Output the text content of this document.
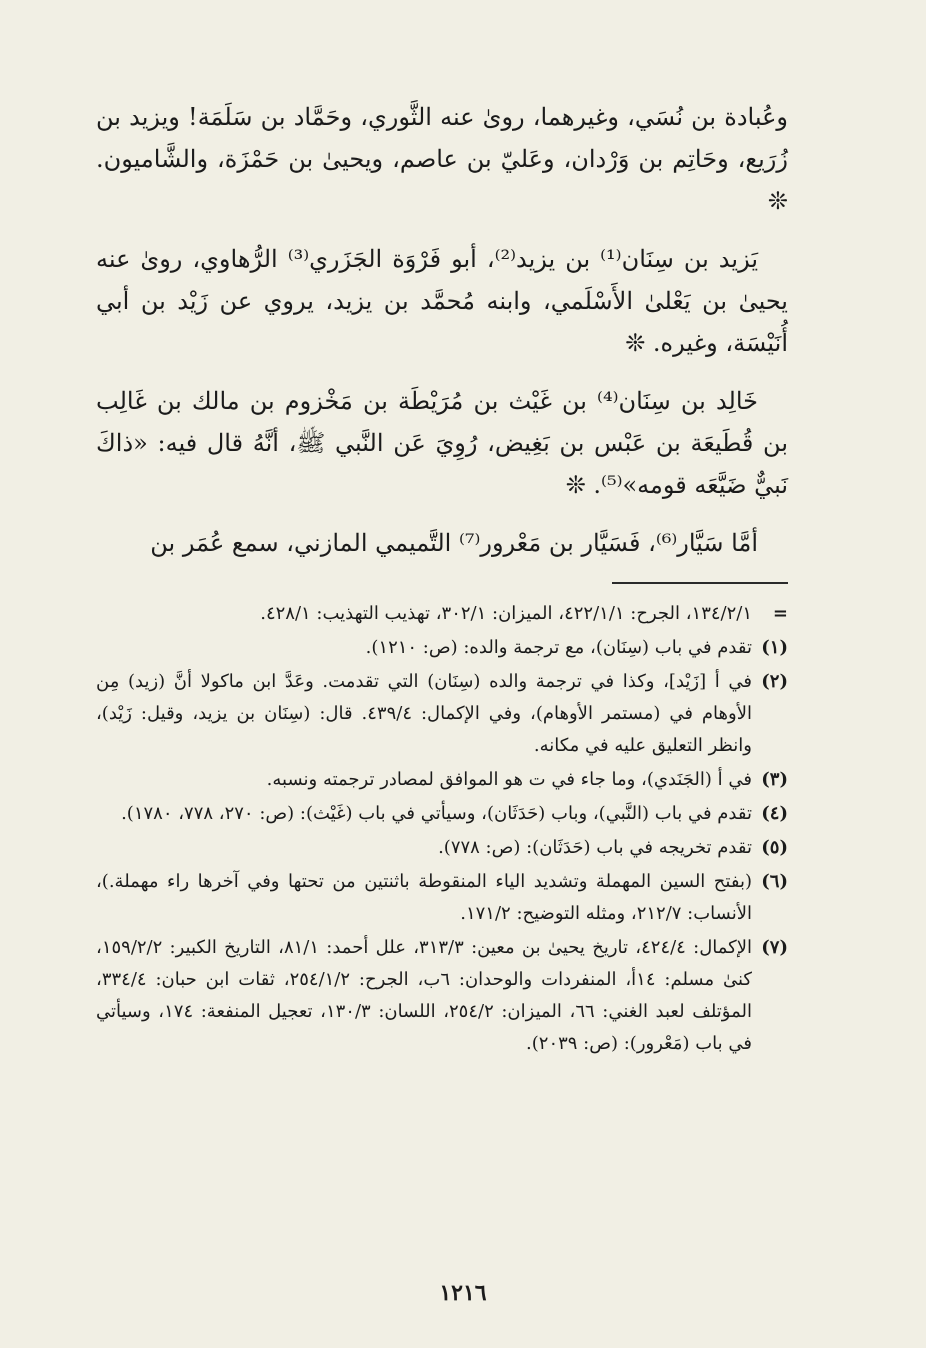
وعُبادة بن نُسَي، وغيرهما، روىٰ عنه الثَّوري، وحَمَّاد بن سَلَمَة! ويزيد بن زُرَيع، وحَاتِم بن وَرْدان، وعَليّ بن عاصم، ويحيىٰ بن حَمْزَة، والشَّاميون. ❊

يَزيد بن سِنَان⁽¹⁾ بن يزيد⁽²⁾، أبو فَرْوَة الجَزَري⁽³⁾ الرُّهاوي، روىٰ عنه يحيىٰ بن يَعْلىٰ الأَسْلَمي، وابنه مُحمَّد بن يزيد، يروي عن زَيْد بن أبي أُنَيْسَة، وغيره. ❊

خَالِد بن سِنَان⁽⁴⁾ بن غَيْث بن مُرَيْطَة بن مَخْزوم بن مالك بن غَالِب بن قُطَيعَة بن عَبْس بن بَغِيض، رُوِيَ عَن النَّبي ﷺ، أنَّهُ قال فيه: «ذاكَ نَبيٌّ ضَيَّعَه قومه»⁽⁵⁾. ❊

أمَّا سَيَّار⁽⁶⁾، فَسَيَّار بن مَعْرور⁽⁷⁾ التَّميمي المازني، سمع عُمَر بن

=
١٣٤/٢/١، الجرح: ٤٢٢/١/١، الميزان: ٣٠٢/١، تهذيب التهذيب: ٤٢٨/١.
(١)
تقدم في باب (سِنَان)، مع ترجمة والده: (ص: ١٢١٠).
(٢)
في أ [زَيْد]، وكذا في ترجمة والده (سِنَان) التي تقدمت. وعَدَّ ابن ماكولا أنَّ (زيد) مِن الأوهام في (مستمر الأوهام)، وفي الإكمال: ٤٣٩/٤. قال: (سِنَان بن يزيد، وقيل: زَيْد)، وانظر التعليق عليه في مكانه.
(٣)
في أ (الجَنَدي)، وما جاء في ت هو الموافق لمصادر ترجمته ونسبه.
(٤)
تقدم في باب (النَّبي)، وباب (حَدَثَان)، وسيأتي في باب (غَيْث): (ص: ٢٧٠، ٧٧٨، ١٧٨٠).
(٥)
تقدم تخريجه في باب (حَدَثَان): (ص: ٧٧٨).
(٦)
(بفتح السين المهملة وتشديد الياء المنقوطة باثنتين من تحتها وفي آخرها راء مهملة.)، الأنساب: ٢١٢/٧، ومثله التوضيح: ١٧١/٢.
(٧)
الإكمال: ٤٢٤/٤، تاريخ يحيىٰ بن معين: ٣١٣/٣، علل أحمد: ٨١/١، التاريخ الكبير: ١٥٩/٢/٢، كنىٰ مسلم: ١٤أ، المنفردات والوحدان: ٦ب، الجرح: ٢٥٤/١/٢، ثقات ابن حبان: ٣٣٤/٤، المؤتلف لعبد الغني: ٦٦، الميزان: ٢٥٤/٢، اللسان: ١٣٠/٣، تعجيل المنفعة: ١٧٤، وسيأتي في باب (مَعْرور): (ص: ٢٠٣٩).
١٢١٦
